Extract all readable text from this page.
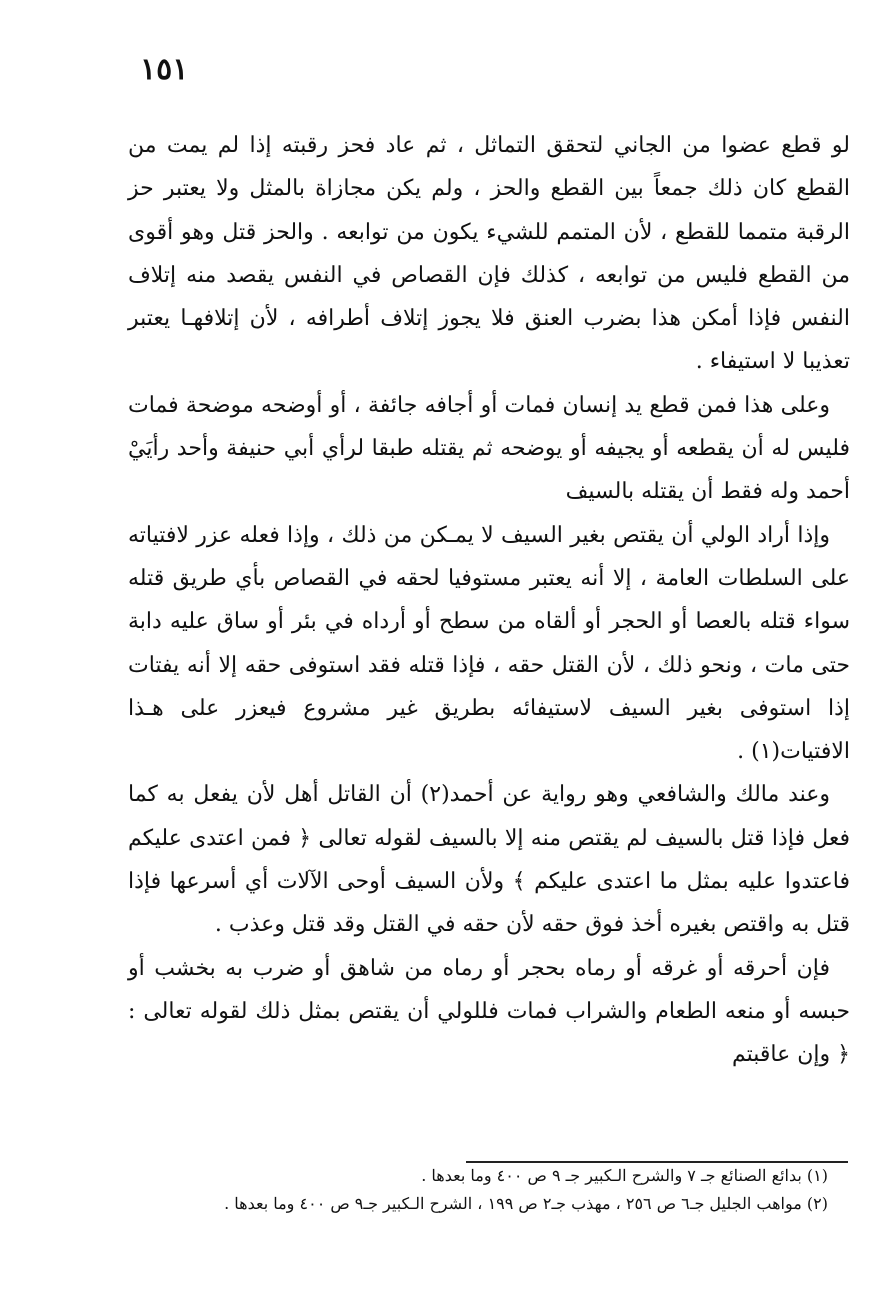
١٥١

لو قطع عضوا من الجاني لتحقق التماثل ، ثم عاد فحز رقبته إذا لم يمت من القطع كان ذلك جمعاً بين القطع والحز ، ولم يكن مجازاة بالمثل ولا يعتبر حز الرقبة متمما للقطع ، لأن المتمم للشيء يكون من توابعه . والحز قتل وهو أقوى من القطع فليس من توابعه ، كذلك فإن القصاص في النفس يقصد منه إتلاف النفس فإذا أمكن هذا بضرب العنق فلا يجوز إتلاف أطرافه ، لأن إتلافهـا يعتبر تعذيبا لا استيفاء .

وعلى هذا فمن قطع يد إنسان فمات أو أجافه جائفة ، أو أوضحه موضحة فمات فليس له أن يقطعه أو يجيفه أو يوضحه ثم يقتله طبقا لرأي أبي حنيفة وأحد رأيَيْ أحمد وله فقط أن يقتله بالسيف

وإذا أراد الولي أن يقتص بغير السيف لا يمـكن من ذلك ، وإذا فعله عزر لافتياته على السلطات العامة ، إلا أنه يعتبر مستوفيا لحقه في القصاص بأي طريق قتله سواء قتله بالعصا أو الحجر أو ألقاه من سطح أو أرداه في بئر أو ساق عليه دابة حتى مات ، ونحو ذلك ، لأن القتل حقه ، فإذا قتله فقد استوفى حقه إلا أنه يفتات إذا استوفى بغير السيف لاستيفائه بطريق غير مشروع فيعزر على هـذا الافتيات(١) .

وعند مالك والشافعي وهو رواية عن أحمد(٢) أن القاتل أهل لأن يفعل به كما فعل فإذا قتل بالسيف لم يقتص منه إلا بالسيف لقوله تعالى ﴿ فمن اعتدى عليكم فاعتدوا عليه بمثل ما اعتدى عليكم ﴾ ولأن السيف أوحى الآلات أي أسرعها فإذا قتل به واقتص بغيره أخذ فوق حقه لأن حقه في القتل وقد قتل وعذب .

فإن أحرقه أو غرقه أو رماه بحجر أو رماه من شاهق أو ضرب به بخشب أو حبسه أو منعه الطعام والشراب فمات فللولي أن يقتص بمثل ذلك لقوله تعالى : ﴿ وإن عاقبتم

(١) بدائع الصنائع جـ ٧ والشرح الـكبير جـ ٩ ص ٤٠٠ وما بعدها .

(٢) مواهب الجليل جـ٦ ص ٢٥٦ ، مهذب جـ٢ ص ١٩٩ ، الشرح الـكبير جـ٩ ص ٤٠٠ وما بعدها .
